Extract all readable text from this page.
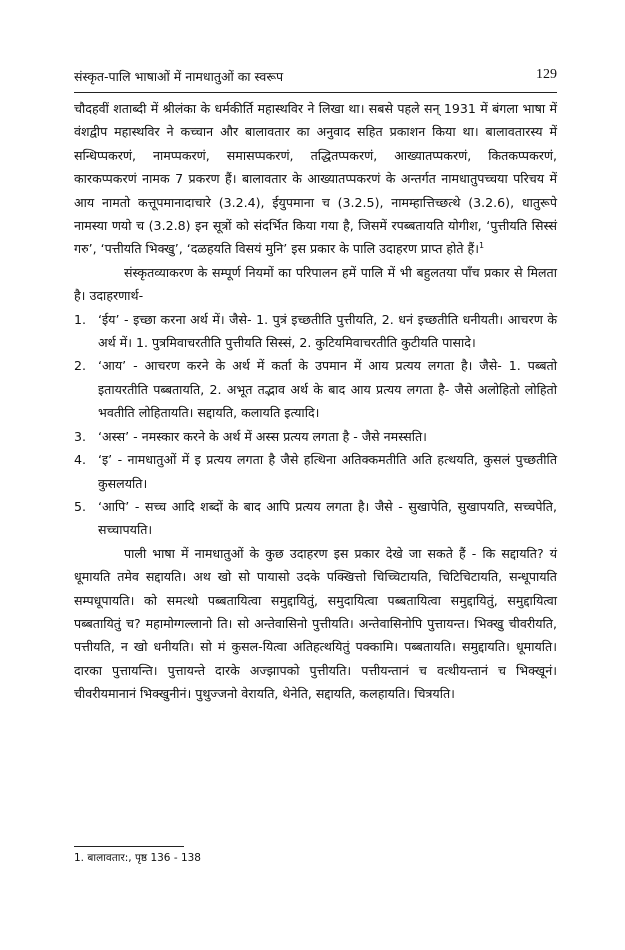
संस्कृत-पालि भाषाओं में नामधातुओं का स्वरूप	129

चौदहवीं शताब्दी में श्रीलंका के धर्मकीर्ति महास्थविर ने लिखा था। सबसे पहले सन् 1931 में बंगला भाषा में वंशद्वीप महास्थविर ने कच्चान और बालावतार का अनुवाद सहित प्रकाशन किया था। बालावतारस्य में सन्धिप्पकरणं, नामप्पकरणं, समासप्पकरणं, तद्धितप्पकरणं, आख्यातप्पकरणं, कितकप्पकरणं, कारकप्पकरणं नामक 7 प्रकरण हैं। बालावतार के आख्यातप्पकरणं के अन्तर्गत नामधातुपच्चया परिचय में आय नामतो कत्तूपमानादाचारे (3.2.4), ईयुपमाना च (3.2.5), नामम्हात्तिच्छत्थे (3.2.6), धातुरूपे नामस्या णयो च (3.2.8) इन सूत्रों को संदर्भित किया गया है, जिसमें रपब्बतायति योगीश, ‘पुत्तीयति सिस्सं गरु’, ‘पत्तीयति भिक्खु’, ‘दळहयति विसयं मुनि’ इस प्रकार के पालि उदाहरण प्राप्त होते हैं।$^1$

संस्कृतव्याकरण के सम्पूर्ण नियमों का परिपालन हमें पालि में भी बहुलतया पाँच प्रकार से मिलता है। उदाहरणार्थ-

1. ‘ईय’ - इच्छा करना अर्थ में। जैसे- 1. पुत्रं इच्छतीति पुत्तीयति, 2. धनं इच्छतीति धनीयती। आचरण के अर्थ में। 1. पुत्रमिवाचरतीति पुत्तीयति सिस्सं, 2. कुटियमिवाचरतीति कुटीयति पासादे।
2. ‘आय’ - आचरण करने के अर्थ में कर्ता के उपमान में आय प्रत्यय लगता है। जैसे- 1. पब्बतो इतायरतीति पब्बतायति, 2. अभूत तद्भाव अर्थ के बाद आय प्रत्यय लगता है- जैसे अलोहितो लोहितो भवतीति लोहितायति। सद्दायति, कलायति इत्यादि।
3. ‘अस्स’ - नमस्कार करने के अर्थ में अस्स प्रत्यय लगता है - जैसे नमस्सति।
4. ‘इ’ - नामधातुओं में इ प्रत्यय लगता है जैसे हत्थिना अतिक्कमतीति अति हत्थयति, कुसलं पुच्छतीति कुसलयति।
5. ‘आपि’ - सच्च आदि शब्दों के बाद आपि प्रत्यय लगता है। जैसे - सुखापेति, सुखापयति, सच्चपेति, सच्चापयति।

पाली भाषा में नामधातुओं के कुछ उदाहरण इस प्रकार देखे जा सकते हैं - कि सद्दायति? यं धूमायति तमेव सद्दायति। अथ खो सो पायासो उदके पक्खित्तो चिच्चिटायति, चिटिचिटायति, सन्धूपायति सम्पधूपायति। को समत्थो पब्बतायित्वा समुद्दायितुं, समुदायित्वा पब्बतायित्वा समुद्दायितुं, समुद्दायित्वा पब्बतायितुं च? महामोग्गल्लानो ति। सो अन्तेवासिनो पुत्तीयति। अन्तेवासिनोपि पुत्तायन्त। भिक्खु चीवरीयति, पत्तीयति, न खो धनीयति। सो मं कुसल-यित्वा अतिहत्थयितुं पक्कामि। पब्बतायति। समुद्दायति। धूमायति। दारका पुत्तायन्ति। पुत्तायन्ते दारके अज्झापको पुत्तीयति। पत्तीयन्तानं च वत्थीयन्तानं च भिक्खूनं। चीवरीयमानानं भिक्खुनीनं। पुथुज्जनो वेरायति, थेनेति, सद्दायति, कलहायति। चित्रयति।

1. बालावतार:, पृष्ठ 136 - 138
